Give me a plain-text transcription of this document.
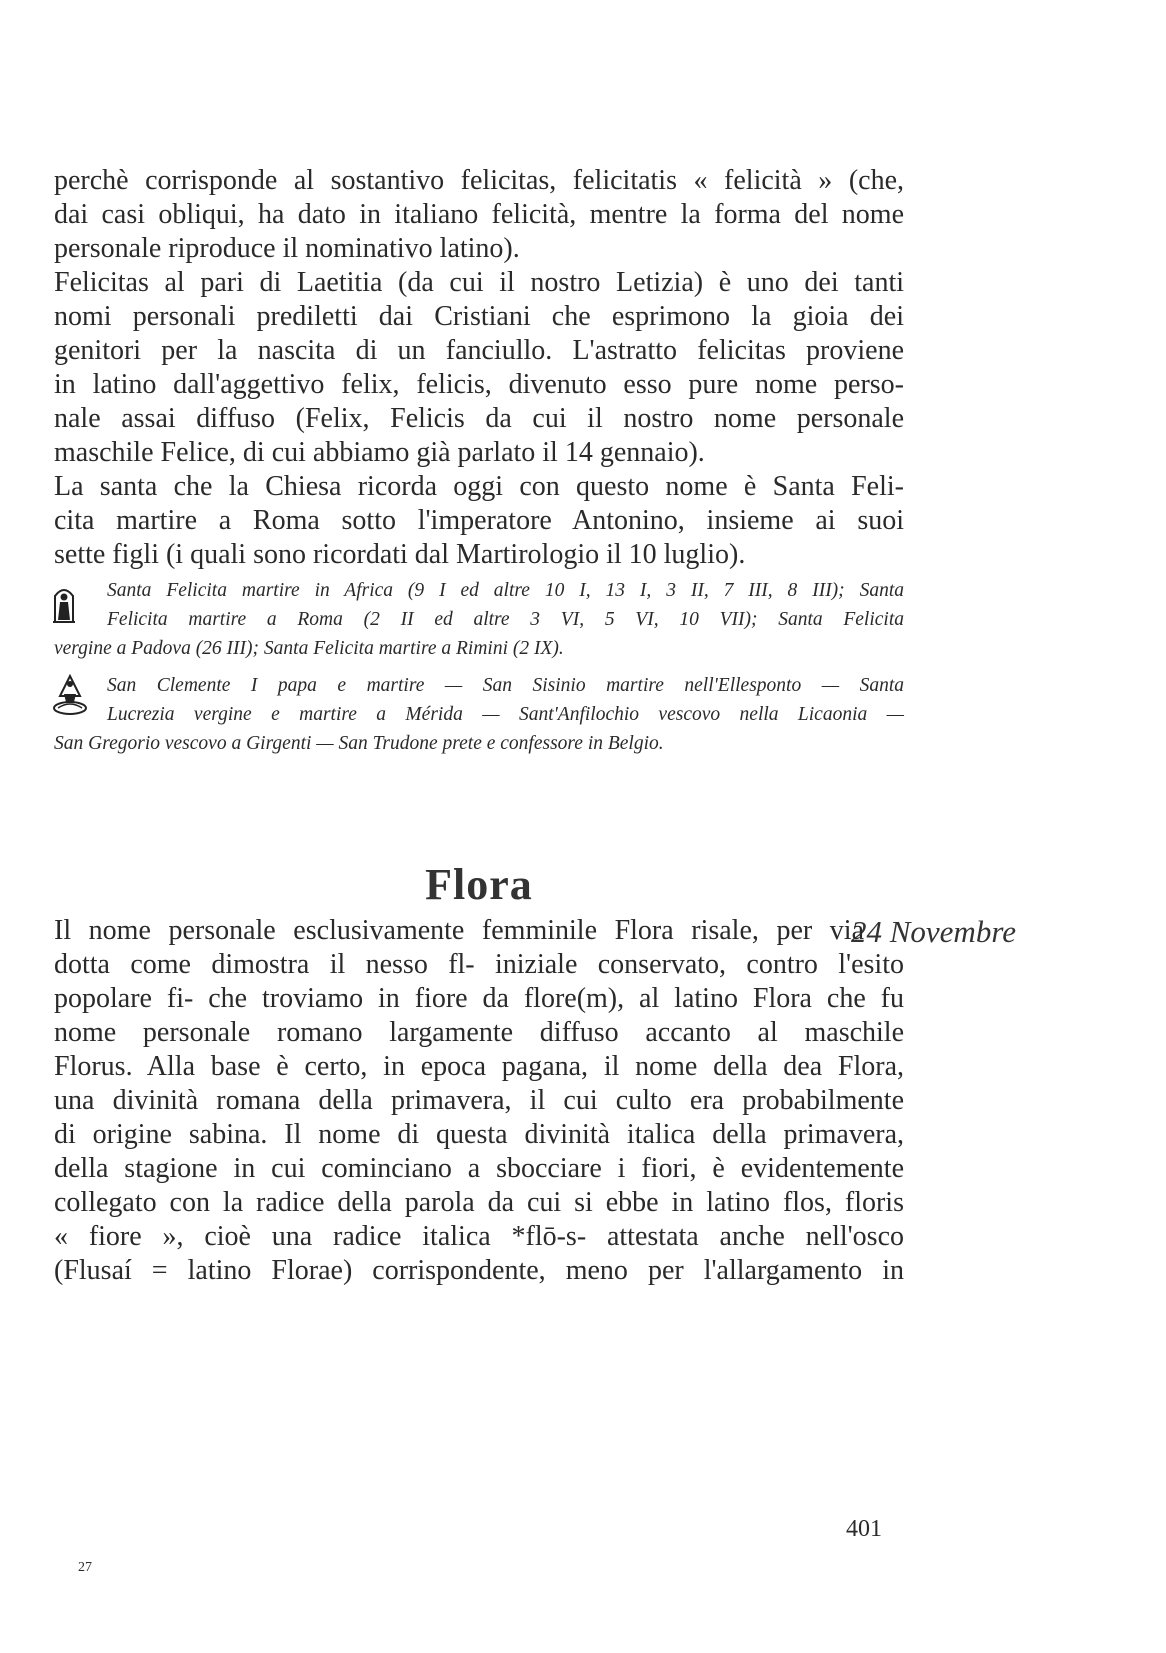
perchè corrisponde al sostantivo felicitas, felicitatis « felicità » (che,

dai casi obliqui, ha dato in italiano felicità, mentre la forma del nome

personale riproduce il nominativo latino).

Felicitas al pari di Laetitia (da cui il nostro Letizia) è uno dei tanti

nomi personali prediletti dai Cristiani che esprimono la gioia dei

genitori per la nascita di un fanciullo. L'astratto felicitas proviene

in latino dall'aggettivo felix, felicis, divenuto esso pure nome perso-

nale assai diffuso (Felix, Felicis da cui il nostro nome personale

maschile Felice, di cui abbiamo già parlato il 14 gennaio).

La santa che la Chiesa ricorda oggi con questo nome è Santa Feli-

cita martire a Roma sotto l'imperatore Antonino, insieme ai suoi

sette figli (i quali sono ricordati dal Martirologio il 10 luglio).

Santa Felicita martire in Africa (9 I ed altre 10 I, 13 I, 3 II, 7 III, 8 III); Santa

Felicita martire a Roma (2 II ed altre 3 VI, 5 VI, 10 VII); Santa Felicita

vergine a Padova (26 III); Santa Felicita martire a Rimini (2 IX).

San Clemente I papa e martire — San Sisinio martire nell'Ellesponto — Santa

Lucrezia vergine e martire a Mérida — Sant'Anfilochio vescovo nella Licaonia —

San Gregorio vescovo a Girgenti — San Trudone prete e confessore in Belgio.

Flora

24 Novembre

Il nome personale esclusivamente femminile Flora risale, per via

dotta come dimostra il nesso fl- iniziale conservato, contro l'esito

popolare fi- che troviamo in fiore da flore(m), al latino Flora che fu

nome personale romano largamente diffuso accanto al maschile

Florus. Alla base è certo, in epoca pagana, il nome della dea Flora,

una divinità romana della primavera, il cui culto era probabilmente

di origine sabina. Il nome di questa divinità italica della primavera,

della stagione in cui cominciano a sbocciare i fiori, è evidentemente

collegato con la radice della parola da cui si ebbe in latino flos, floris

« fiore », cioè una radice italica *flō-s- attestata anche nell'osco

(Flusaí = latino Florae) corrispondente, meno per l'allargamento in

401
27
